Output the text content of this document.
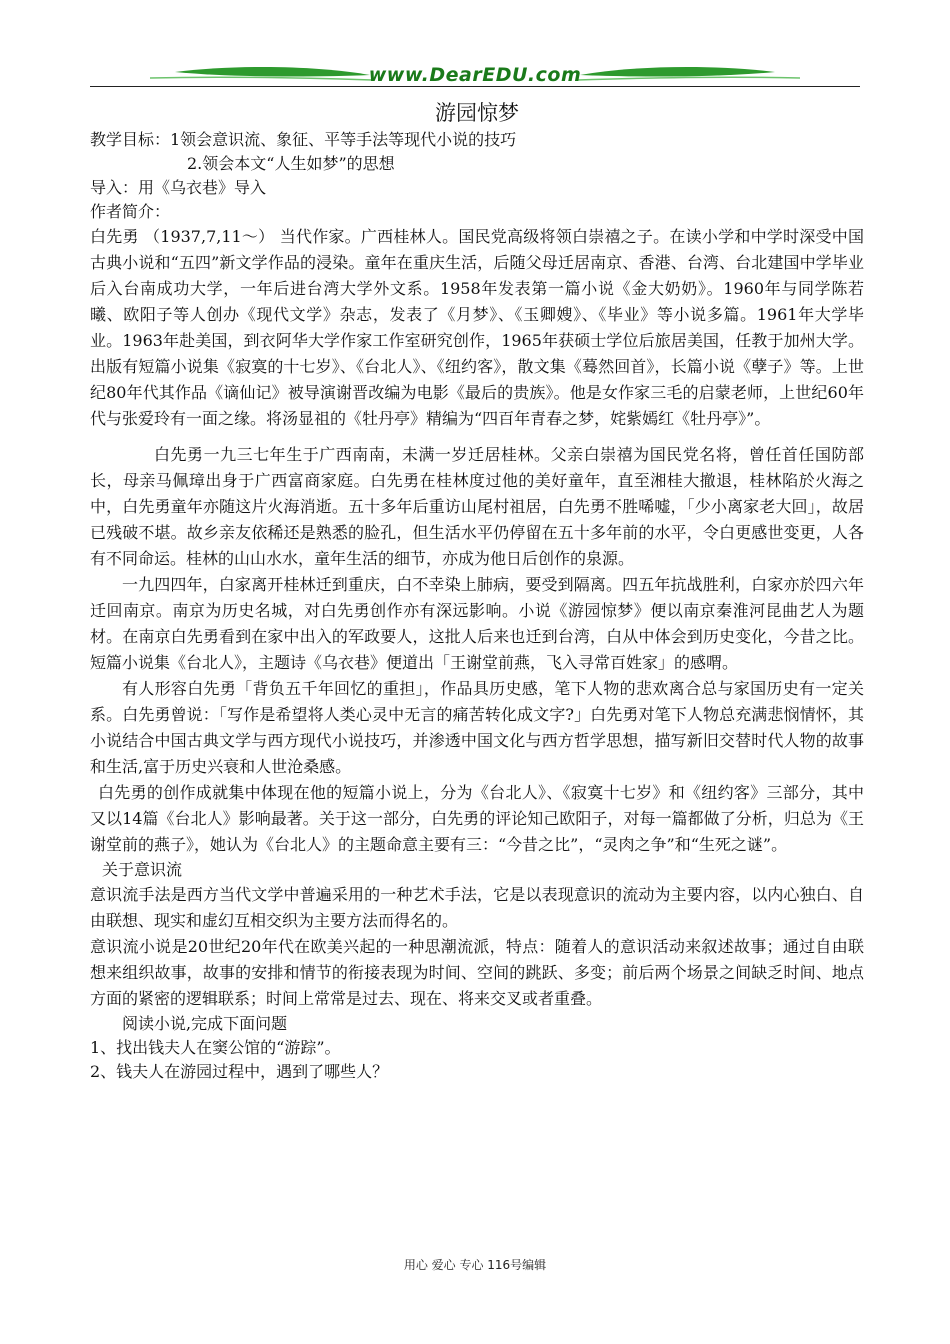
www.DearEDU.com

游园惊梦

教学目标：1领会意识流、象征、平等手法等现代小说的技巧

2.领会本文“人生如梦”的思想

导入：用《乌衣巷》导入

作者简介：

白先勇 （1937,7,11～） 当代作家。广西桂林人。国民党高级将领白崇禧之子。在读小学和中学时深受中国古典小说和“五四”新文学作品的浸染。童年在重庆生活，后随父母迁居南京、香港、台湾、台北建国中学毕业后入台南成功大学，一年后进台湾大学外文系。1958年发表第一篇小说《金大奶奶》。1960年与同学陈若曦、欧阳子等人创办《现代文学》杂志，发表了《月梦》、《玉卿嫂》、《毕业》等小说多篇。1961年大学毕业。1963年赴美国，到衣阿华大学作家工作室研究创作，1965年获硕士学位后旅居美国，任教于加州大学。出版有短篇小说集《寂寞的十七岁》、《台北人》、《纽约客》，散文集《蓦然回首》，长篇小说《孽子》等。上世纪80年代其作品《谪仙记》被导演谢晋改编为电影《最后的贵族》。他是女作家三毛的启蒙老师，上世纪60年代与张爱玲有一面之缘。将汤显祖的《牡丹亭》精编为“四百年青春之梦，姹紫嫣红《牡丹亭》”。

白先勇一九三七年生于广西南南，未满一岁迁居桂林。父亲白崇禧为国民党名将，曾任首任国防部长，母亲马佩璋出身于广西富商家庭。白先勇在桂林度过他的美好童年，直至湘桂大撤退，桂林陷於火海之中，白先勇童年亦随这片火海消逝。五十多年后重访山尾村祖居，白先勇不胜唏嘘，「少小离家老大回」，故居已残破不堪。故乡亲友依稀还是熟悉的脸孔，但生活水平仍停留在五十多年前的水平，令白更感世变更，人各有不同命运。桂林的山山水水，童年生活的细节，亦成为他日后创作的泉源。

一九四四年，白家离开桂林迁到重庆，白不幸染上肺病，要受到隔离。四五年抗战胜利，白家亦於四六年迁回南京。南京为历史名城，对白先勇创作亦有深远影响。小说《游园惊梦》便以南京秦淮河昆曲艺人为题材。在南京白先勇看到在家中出入的军政要人，这批人后来也迁到台湾，白从中体会到历史变化，今昔之比。短篇小说集《台北人》，主题诗《乌衣巷》便道出「王谢堂前燕，飞入寻常百姓家」的感喟。

有人形容白先勇「背负五千年回忆的重担」，作品具历史感，笔下人物的悲欢离合总与家国历史有一定关系。白先勇曾说：「写作是希望将人类心灵中无言的痛苦转化成文字?」白先勇对笔下人物总充满悲悯情怀，其小说结合中国古典文学与西方现代小说技巧，并渗透中国文化与西方哲学思想，描写新旧交替时代人物的故事和生活,富于历史兴衰和人世沧桑感。

白先勇的创作成就集中体现在他的短篇小说上，分为《台北人》、《寂寞十七岁》和《纽约客》三部分，其中又以14篇《台北人》影响最著。关于这一部分，白先勇的评论知己欧阳子，对每一篇都做了分析，归总为《王谢堂前的燕子》，她认为《台北人》的主题命意主要有三：“今昔之比”，“灵肉之争”和“生死之谜”。

关于意识流

意识流手法是西方当代文学中普遍采用的一种艺术手法，它是以表现意识的流动为主要内容，以内心独白、自由联想、现实和虚幻互相交织为主要方法而得名的。

意识流小说是20世纪20年代在欧美兴起的一种思潮流派，特点：随着人的意识活动来叙述故事；通过自由联想来组织故事，故事的安排和情节的衔接表现为时间、空间的跳跃、多变；前后两个场景之间缺乏时间、地点方面的紧密的逻辑联系；时间上常常是过去、现在、将来交叉或者重叠。

阅读小说,完成下面问题

1、找出钱夫人在窦公馆的“游踪”。

2、钱夫人在游园过程中，遇到了哪些人？

用心 爱心 专心 116号编辑
